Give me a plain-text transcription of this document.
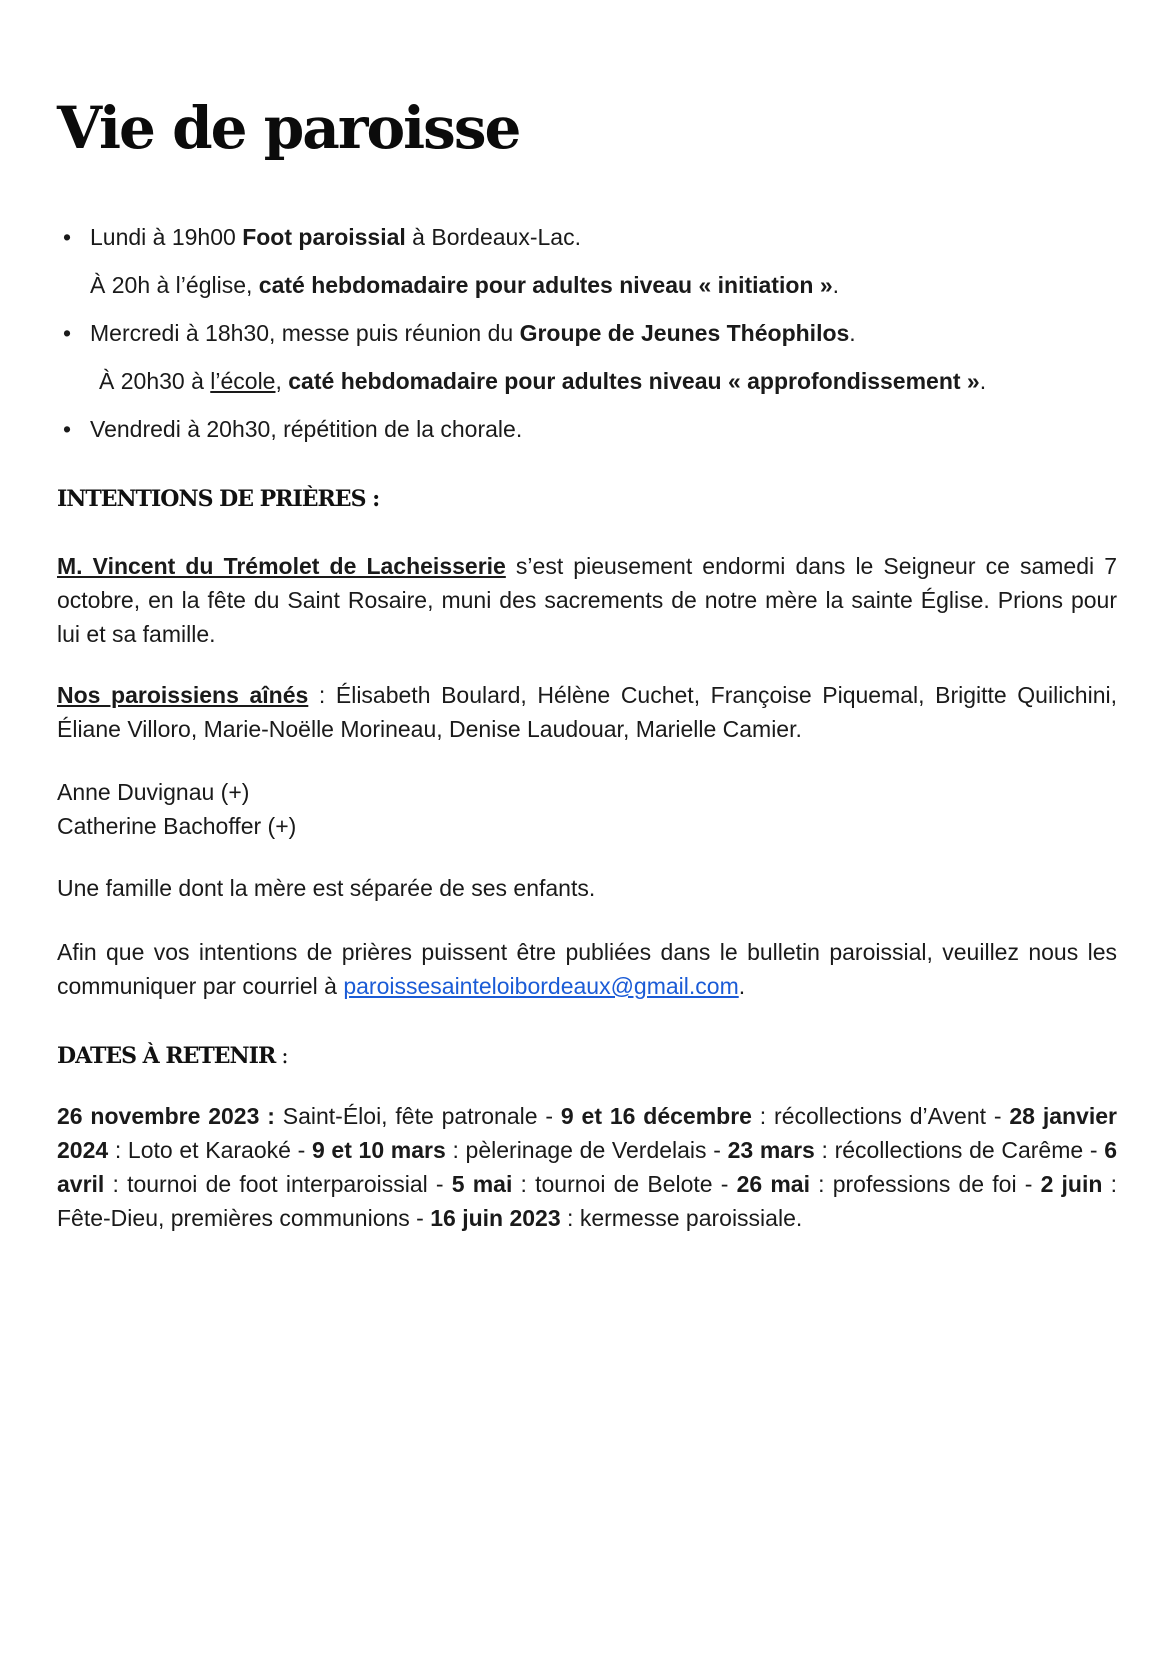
Vie de paroisse
• Lundi à 19h00 Foot paroissial à Bordeaux-Lac.
À 20h à l’église, caté hebdomadaire pour adultes niveau « initiation ».
• Mercredi à 18h30, messe puis réunion du Groupe de Jeunes Théophilos.
À 20h30 à l’école, caté hebdomadaire pour adultes niveau « approfondissement ».
• Vendredi à 20h30, répétition de la chorale.
INTENTIONS DE PRIÈRES :

M. Vincent du Trémolet de Lacheisserie s’est pieusement endormi dans le Seigneur ce samedi 7 octobre, en la fête du Saint Rosaire, muni des sacrements de notre mère la sainte Église. Prions pour lui et sa famille.

Nos paroissiens aînés : Élisabeth Boulard, Hélène Cuchet, Françoise Piquemal, Brigitte Quilichini, Éliane Villoro, Marie-Noëlle Morineau, Denise Laudouar, Marielle Camier.

Anne Duvignau (+)

Catherine Bachoffer (+)

Une famille dont la mère est séparée de ses enfants.

Afin que vos intentions de prières puissent être publiées dans le bulletin paroissial, veuillez nous les communiquer par courriel à paroissesainteloibordeaux@gmail.com.

DATES À RETENIR :

26 novembre 2023 : Saint-Éloi, fête patronale - 9 et 16 décembre : récollections d’Avent - 28 janvier 2024 : Loto et Karaoké - 9 et 10 mars : pèlerinage de Verdelais - 23 mars : récollections de Carême - 6 avril : tournoi de foot interparoissial - 5 mai : tournoi de Belote - 26 mai : professions de foi - 2 juin : Fête-Dieu, premières communions - 16 juin 2023 : kermesse paroissiale.
